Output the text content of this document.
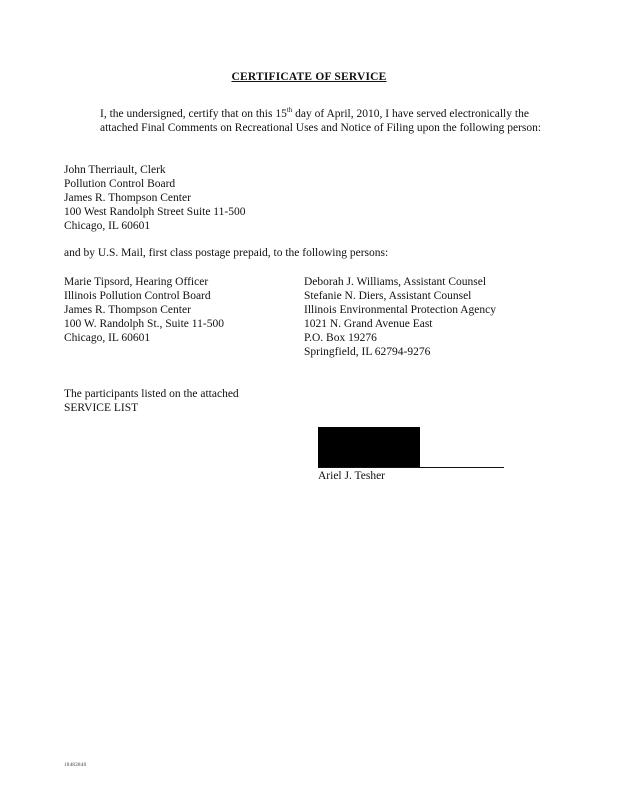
CERTIFICATE OF SERVICE
I, the undersigned, certify that on this 15th day of April, 2010, I have served electronically the attached Final Comments on Recreational Uses and Notice of Filing upon the following person:
John Therriault, Clerk
Pollution Control Board
James R. Thompson Center
100 West Randolph Street Suite 11-500
Chicago, IL 60601
and by U.S. Mail, first class postage prepaid, to the following persons:
Marie Tipsord, Hearing Officer
Illinois Pollution Control Board
James R. Thompson Center
100 W. Randolph St., Suite 11-500
Chicago, IL 60601
Deborah J. Williams, Assistant Counsel
Stefanie N. Diers, Assistant Counsel
Illinois Environmental Protection Agency
1021 N. Grand Avenue East
P.O. Box 19276
Springfield, IL 62794-9276
The participants listed on the attached
SERVICE LIST
Ariel J. Tesher
10482840
